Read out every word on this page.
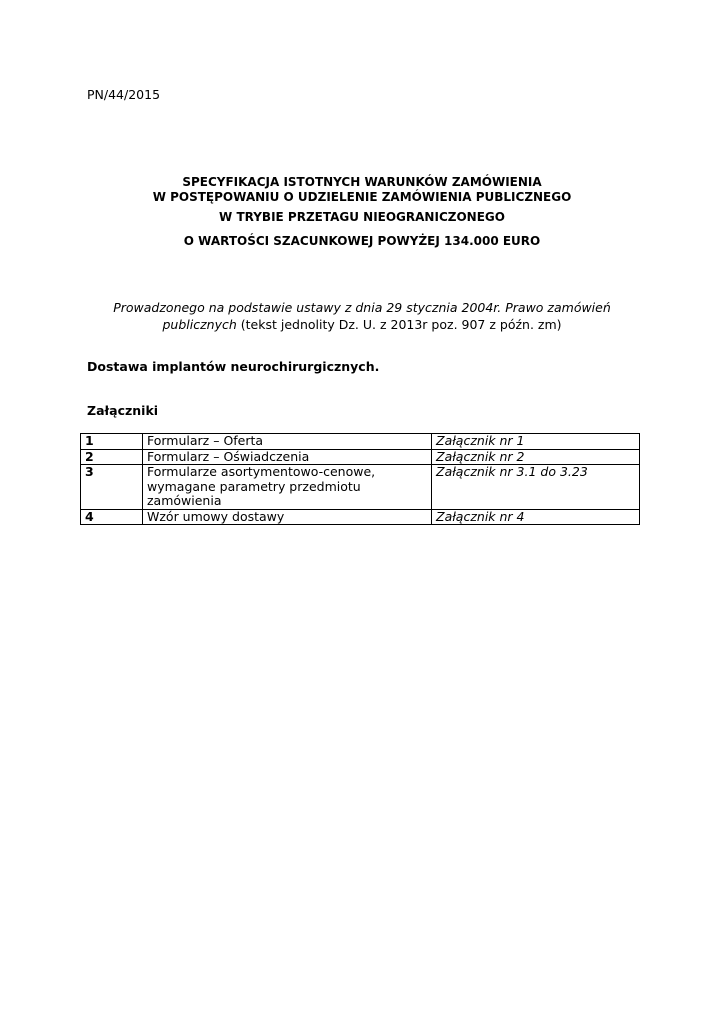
PN/44/2015
SPECYFIKACJA ISTOTNYCH WARUNKÓW ZAMÓWIENIA
W POSTĘPOWANIU O UDZIELENIE ZAMÓWIENIA PUBLICZNEGO
W TRYBIE PRZETAGU NIEOGRANICZONEGO
O WARTOŚCI SZACUNKOWEJ POWYŻEJ 134.000 EURO
Prowadzonego na podstawie ustawy z dnia 29 stycznia 2004r. Prawo zamówień
publicznych (tekst jednolity Dz. U. z 2013r poz. 907 z późn. zm)
Dostawa implantów neurochirurgicznych.
Załączniki
1	Formularz – Oferta	Załącznik nr 1
2	Formularz – Oświadczenia	Załącznik nr 2
3	Formularze asortymentowo-cenowe,
wymagane parametry przedmiotu
zamówienia	Załącznik nr 3.1 do 3.23
4	Wzór umowy dostawy	Załącznik nr 4
